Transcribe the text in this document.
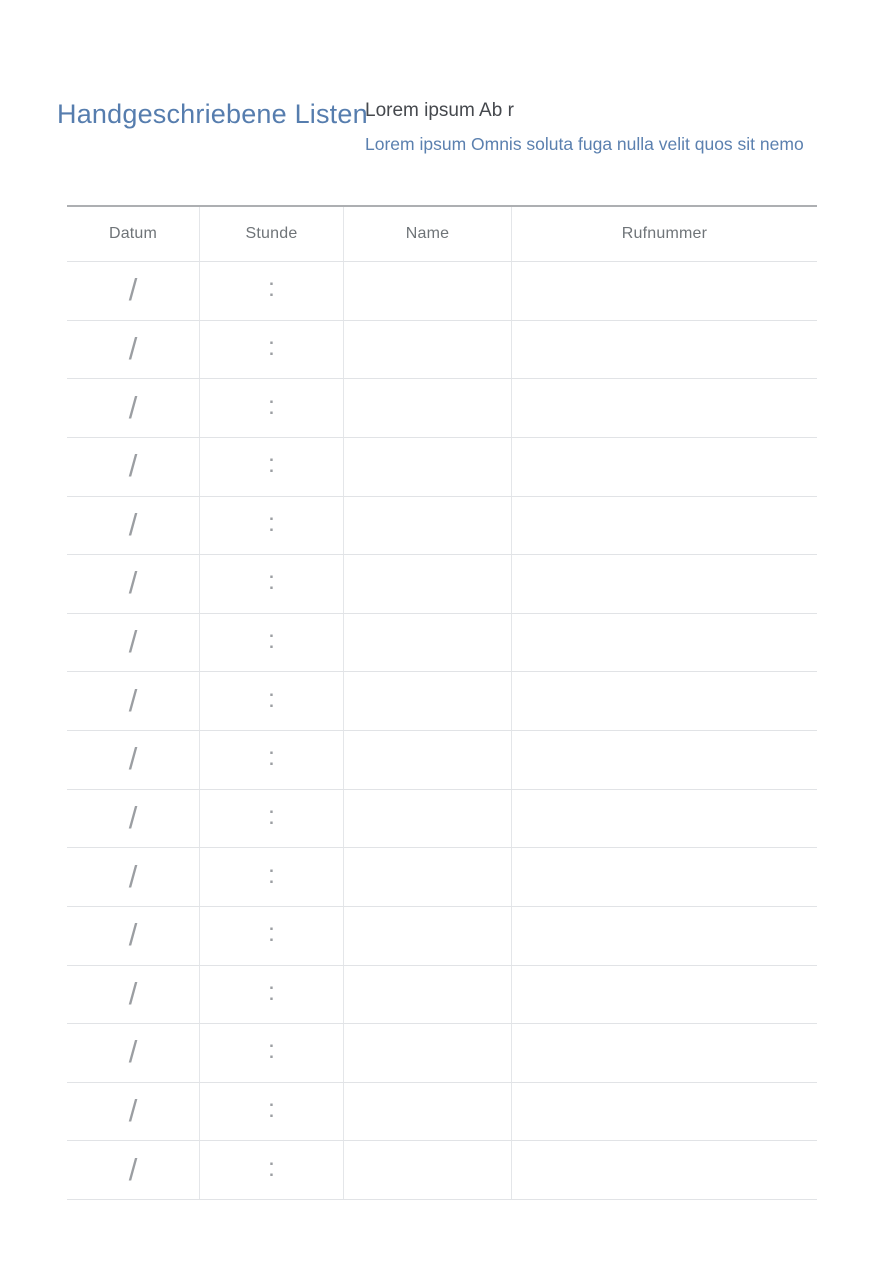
Handgeschriebene Listen
Lorem ipsum Ab r
Lorem ipsum Omnis soluta fuga nulla velit quos sit nemo
Datum	Stunde	Name	Rufnummer
/	:
/	:
/	:
/	:
/	:
/	:
/	:
/	:
/	:
/	:
/	:
/	:
/	:
/	:
/	:
/	:
